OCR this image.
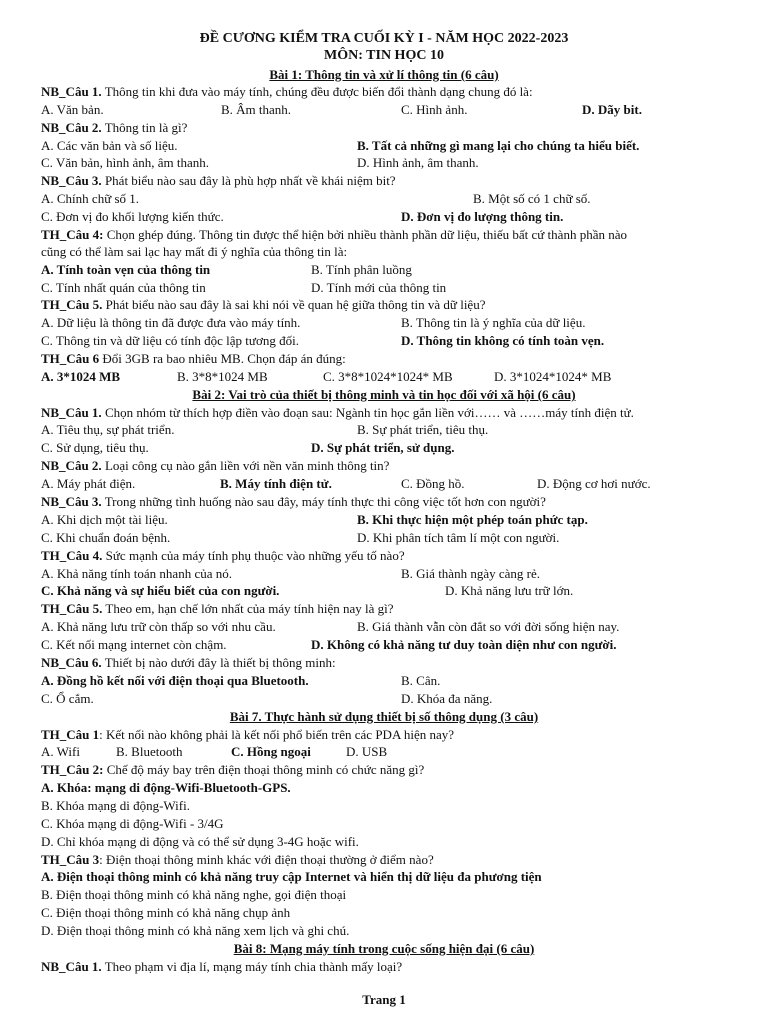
ĐỀ CƯƠNG KIỂM TRA CUỐI KỲ I - NĂM HỌC 2022-2023
MÔN: TIN HỌC 10
Bài 1: Thông tin và xử lí thông tin (6 câu)
NB_Câu 1. Thông tin khi đưa vào máy tính, chúng đều được biến đổi thành dạng chung đó là:
A. Văn bản.	B. Âm thanh.	C. Hình ảnh.	D. Dãy bit.
NB_Câu 2. Thông tin là gì?
A. Các văn bản và số liệu.	B. Tất cả những gì mang lại cho chúng ta hiểu biết.
C. Văn bản, hình ảnh, âm thanh.	D. Hình ảnh, âm thanh.
NB_Câu 3. Phát biểu nào sau đây là phù hợp nhất về khái niệm bit?
A. Chính chữ số 1.	B. Một số có 1 chữ số.
C. Đơn vị đo khối lượng kiến thức.	D. Đơn vị đo lượng thông tin.
TH_Câu 4: Chọn ghép đúng. Thông tin được thể hiện bởi nhiều thành phần dữ liệu, thiếu bất cứ thành phần nào
cũng có thể làm sai lạc hay mất đi ý nghĩa của thông tin là:
A. Tính toàn vẹn của thông tin	B. Tính phân luồng
C. Tính nhất quán của thông tin	D. Tính mới của thông tin
TH_Câu 5. Phát biểu nào sau đây là sai khi nói về quan hệ giữa thông tin và dữ liệu?
A. Dữ liệu là thông tin đã được đưa vào máy tính.	B. Thông tin là ý nghĩa của dữ liệu.
C. Thông tin và dữ liệu có tính độc lập tương đối.	D. Thông tin không có tính toàn vẹn.
TH_Câu 6 Đổi 3GB ra bao nhiêu MB. Chọn đáp án đúng:
A. 3*1024 MB	B. 3*8*1024 MB	C. 3*8*1024*1024* MB	D. 3*1024*1024* MB
Bài 2: Vai trò của thiết bị thông minh và tin học đối với xã hội (6 câu)
NB_Câu 1. Chọn nhóm từ thích hợp điền vào đoạn sau: Ngành tin học gắn liền với…… và ……máy tính điện tử.
A. Tiêu thụ, sự phát triển.	B. Sự phát triển, tiêu thụ.
C. Sử dụng, tiêu thụ.	D. Sự phát triển, sử dụng.
NB_Câu 2. Loại công cụ nào gắn liền với nền văn minh thông tin?
A. Máy phát điện.	B. Máy tính điện tử.	C. Đồng hồ.	D. Động cơ hơi nước.
NB_Câu 3. Trong những tình huống nào sau đây, máy tính thực thi công việc tốt hơn con người?
A. Khi dịch một tài liệu.	B. Khi thực hiện một phép toán phức tạp.
C. Khi chuẩn đoán bệnh.	D. Khi phân tích tâm lí một con người.
TH_Câu 4. Sức mạnh của máy tính phụ thuộc vào những yếu tố nào?
A. Khả năng tính toán nhanh của nó.	B. Giá thành ngày càng rẻ.
C. Khả năng và sự hiểu biết của con người.	D. Khả năng lưu trữ lớn.
TH_Câu 5. Theo em, hạn chế lớn nhất của máy tính hiện nay là gì?
A. Khả năng lưu trữ còn thấp so với nhu cầu.	B. Giá thành vẫn còn đắt so với đời sống hiện nay.
C. Kết nối mạng internet còn chậm.	D. Không có khả năng tư duy toàn diện như con người.
NB_Câu 6. Thiết bị nào dưới đây là thiết bị thông minh:
A. Đồng hồ kết nối với điện thoại qua Bluetooth.	B. Cân.
C. Ổ cắm.	D. Khóa đa năng.
Bài 7. Thực hành sử dụng thiết bị số thông dụng (3 câu)
TH_Câu 1: Kết nối nào không phải là kết nối phổ biến trên các PDA hiện nay?
A. Wifi	B. Bluetooth	C. Hồng ngoại	D. USB
TH_Câu 2: Chế độ máy bay trên điện thoại thông minh có chức năng gì?
A. Khóa: mạng di động-Wifi-Bluetooth-GPS.
B. Khóa mạng di động-Wifi.
C. Khóa mạng di động-Wifi - 3/4G
D. Chỉ khóa mạng di động và có thể sử dụng 3-4G hoặc wifi.
TH_Câu 3: Điện thoại thông minh khác với điện thoại thường ở điểm nào?
A. Điện thoại thông minh có khả năng truy cập Internet và hiển thị dữ liệu đa phương tiện
B. Điện thoại thông minh có khả năng nghe, gọi điện thoại
C. Điện thoại thông minh có khả năng chụp ảnh
D. Điện thoại thông minh có khả năng xem lịch và ghi chú.
Bài 8: Mạng máy tính trong cuộc sống hiện đại (6 câu)
NB_Câu 1. Theo phạm vi địa lí, mạng máy tính chia thành mấy loại?
Trang 1
